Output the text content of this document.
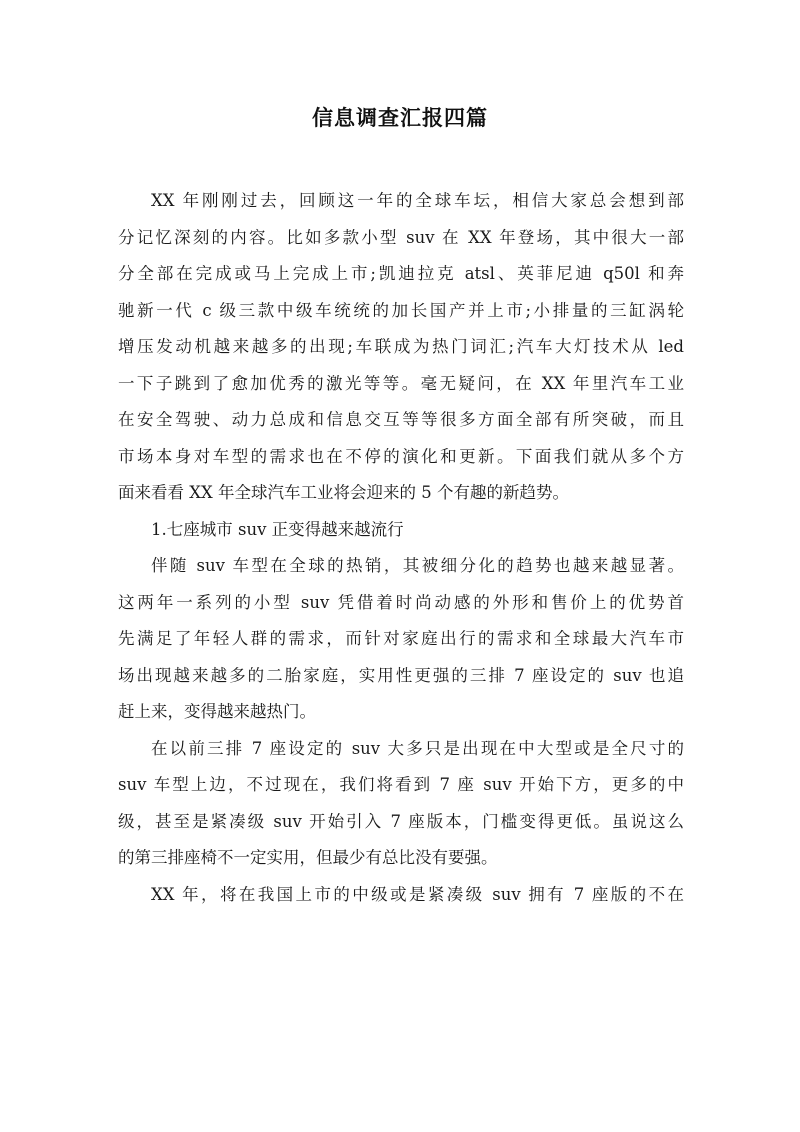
信息调查汇报四篇
XX 年刚刚过去，回顾这一年的全球车坛，相信大家总会想到部
分记忆深刻的内容。比如多款小型 suv 在 XX 年登场，其中很大一部
分全部在完成或马上完成上市;凯迪拉克 atsl、英菲尼迪 q50l 和奔
驰新一代 c 级三款中级车统统的加长国产并上市;小排量的三缸涡轮
增压发动机越来越多的出现;车联成为热门词汇;汽车大灯技术从 led
一下子跳到了愈加优秀的激光等等。毫无疑问，在 XX 年里汽车工业
在安全驾驶、动力总成和信息交互等等很多方面全部有所突破，而且
市场本身对车型的需求也在不停的演化和更新。下面我们就从多个方
面来看看 XX 年全球汽车工业将会迎来的 5 个有趣的新趋势。
1.七座城市 suv 正变得越来越流行
伴随 suv 车型在全球的热销，其被细分化的趋势也越来越显著。
这两年一系列的小型 suv 凭借着时尚动感的外形和售价上的优势首
先满足了年轻人群的需求，而针对家庭出行的需求和全球最大汽车市
场出现越来越多的二胎家庭，实用性更强的三排 7 座设定的 suv 也追
赶上来，变得越来越热门。
在以前三排 7 座设定的 suv 大多只是出现在中大型或是全尺寸的
suv 车型上边，不过现在，我们将看到 7 座 suv 开始下方，更多的中
级，甚至是紧凑级 suv 开始引入 7 座版本，门槛变得更低。虽说这么
的第三排座椅不一定实用，但最少有总比没有要强。
XX 年，将在我国上市的中级或是紧凑级 suv 拥有 7 座版的不在
